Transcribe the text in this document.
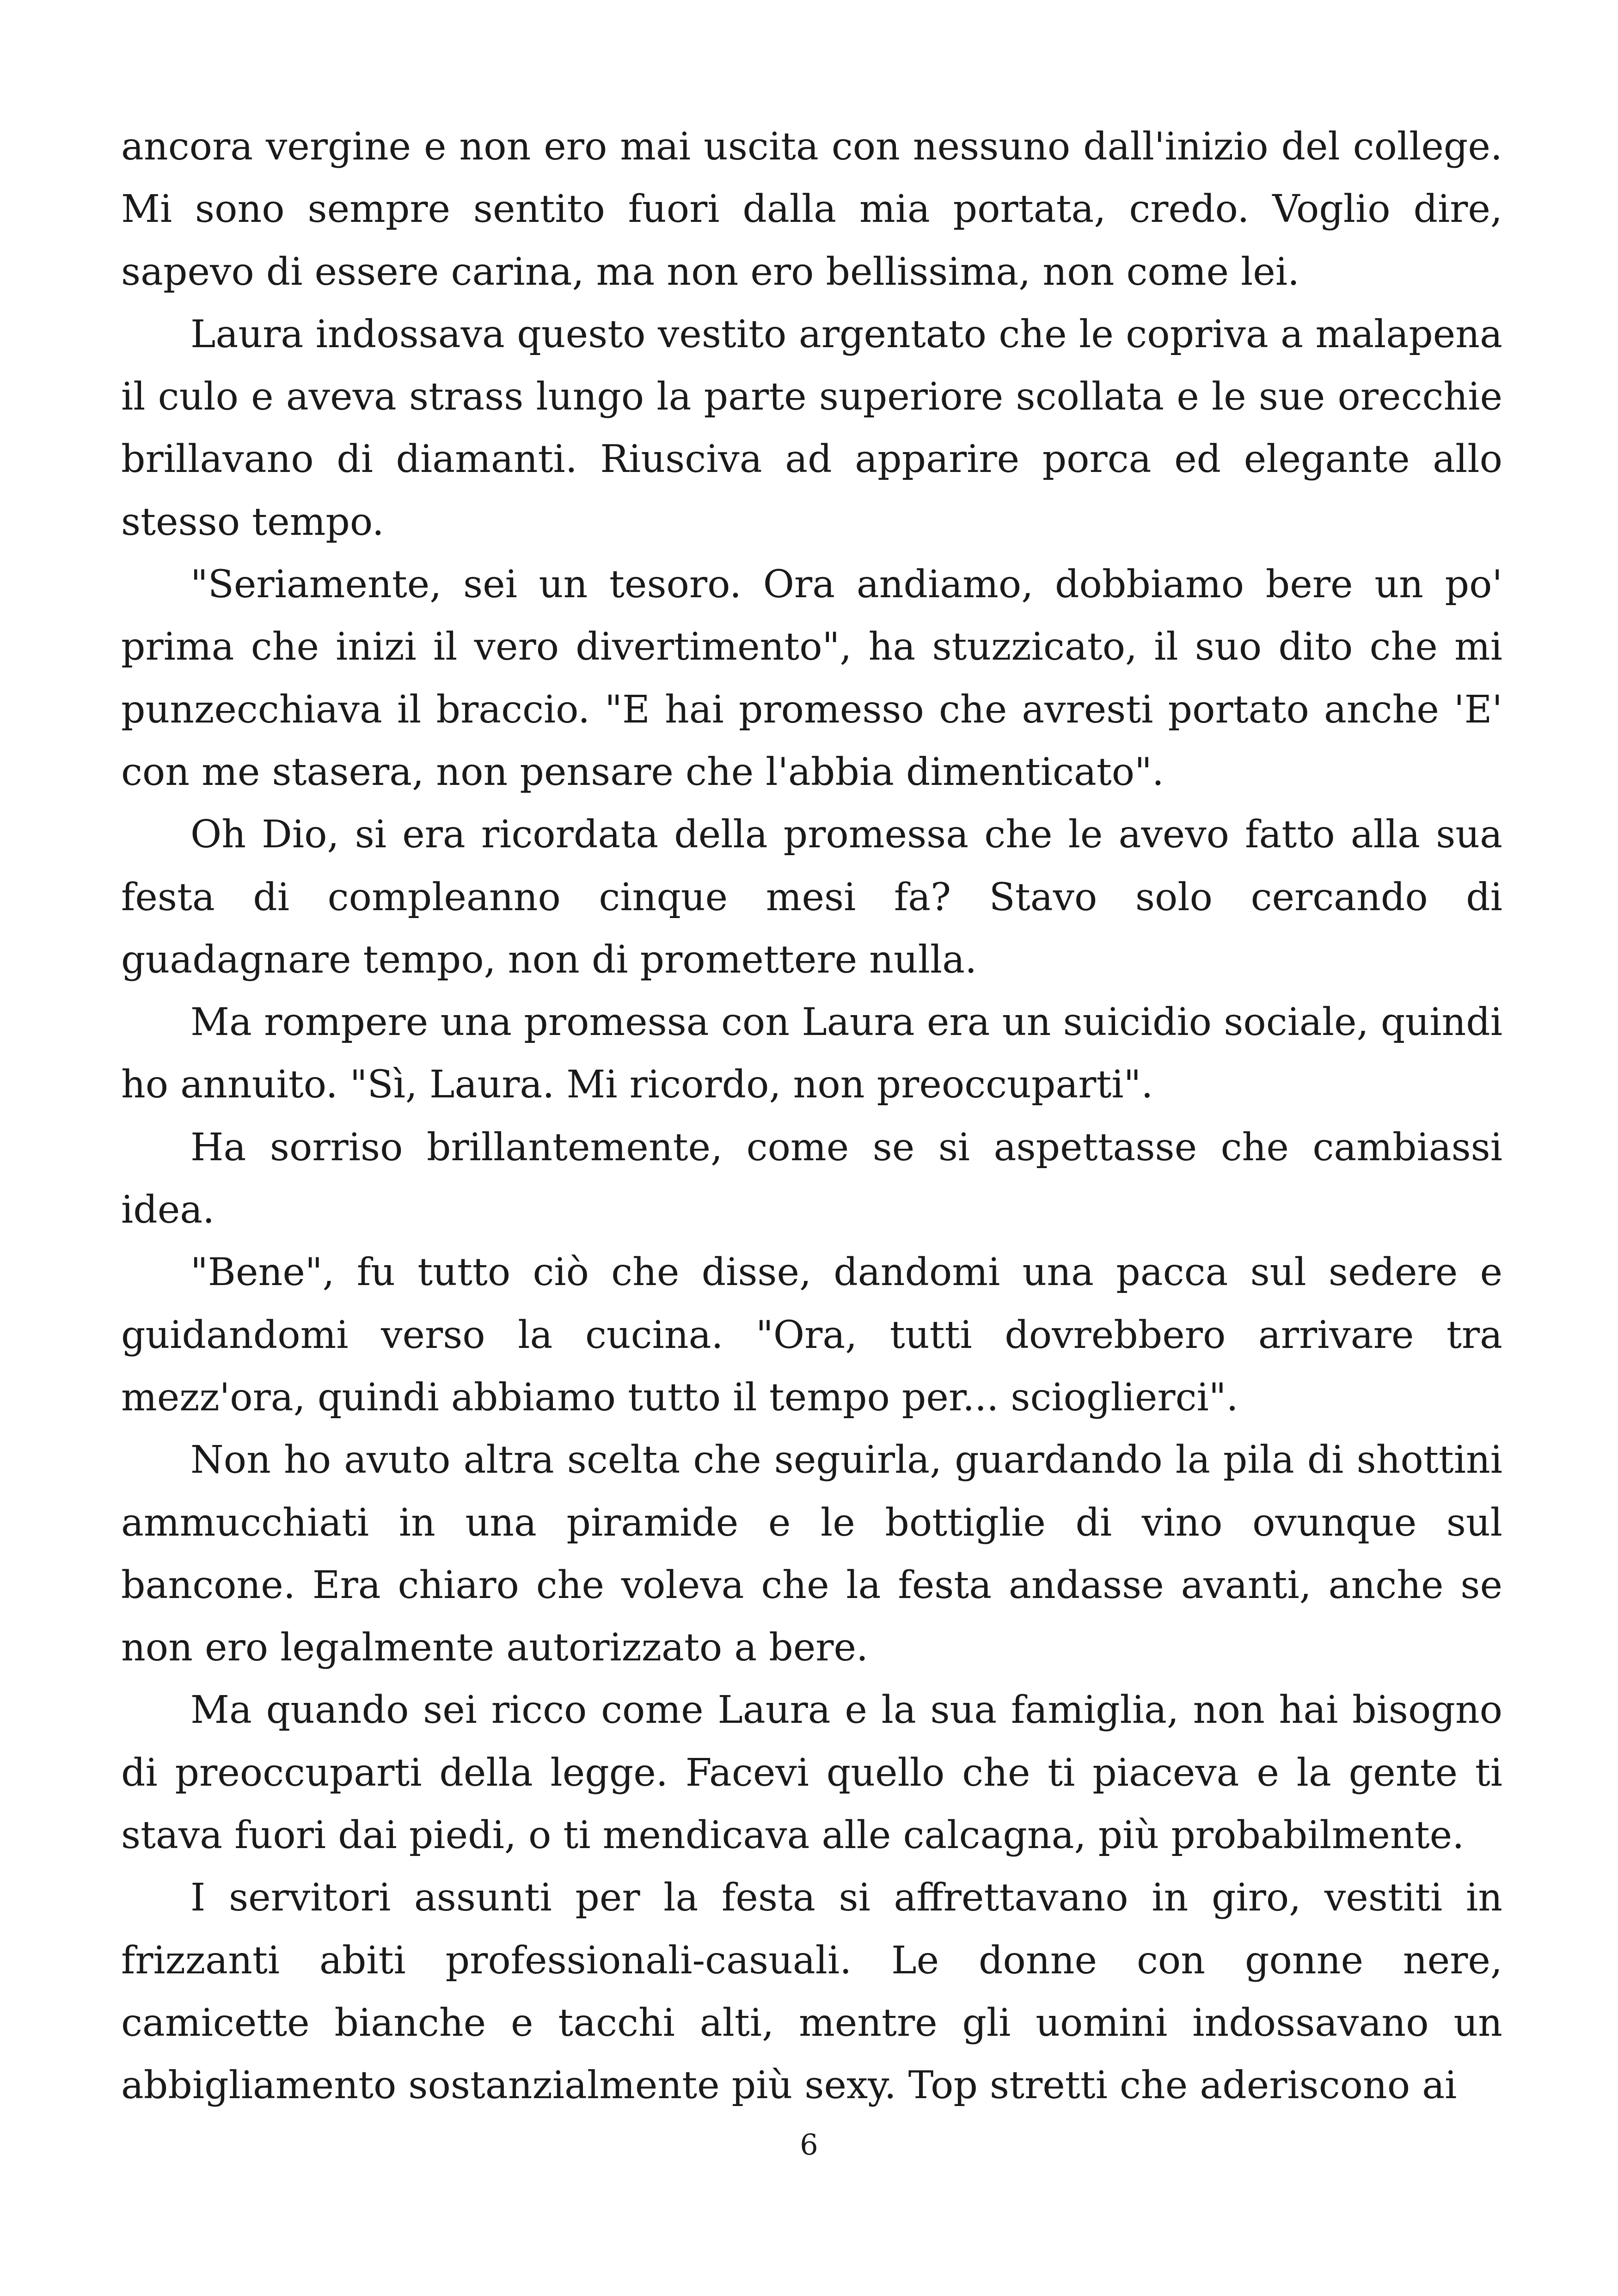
ancora vergine e non ero mai uscita con nessuno dall'inizio del college. Mi sono sempre sentito fuori dalla mia portata, credo. Voglio dire, sapevo di essere carina, ma non ero bellissima, non come lei.

Laura indossava questo vestito argentato che le copriva a malapena il culo e aveva strass lungo la parte superiore scollata e le sue orecchie brillavano di diamanti. Riusciva ad apparire porca ed elegante allo stesso tempo.

"Seriamente, sei un tesoro. Ora andiamo, dobbiamo bere un po' prima che inizi il vero divertimento", ha stuzzicato, il suo dito che mi punzecchiava il braccio. "E hai promesso che avresti portato anche 'E' con me stasera, non pensare che l'abbia dimenticato".

Oh Dio, si era ricordata della promessa che le avevo fatto alla sua festa di compleanno cinque mesi fa? Stavo solo cercando di guadagnare tempo, non di promettere nulla.

Ma rompere una promessa con Laura era un suicidio sociale, quindi ho annuito. "Sì, Laura. Mi ricordo, non preoccuparti".

Ha sorriso brillantemente, come se si aspettasse che cambiassi idea.

"Bene", fu tutto ciò che disse, dandomi una pacca sul sedere e guidandomi verso la cucina. "Ora, tutti dovrebbero arrivare tra mezz'ora, quindi abbiamo tutto il tempo per... scioglierci".

Non ho avuto altra scelta che seguirla, guardando la pila di shottini ammucchiati in una piramide e le bottiglie di vino ovunque sul bancone. Era chiaro che voleva che la festa andasse avanti, anche se non ero legalmente autorizzato a bere.

Ma quando sei ricco come Laura e la sua famiglia, non hai bisogno di preoccuparti della legge. Facevi quello che ti piaceva e la gente ti stava fuori dai piedi, o ti mendicava alle calcagna, più probabilmente.

I servitori assunti per la festa si affrettavano in giro, vestiti in frizzanti abiti professionali-casuali. Le donne con gonne nere, camicette bianche e tacchi alti, mentre gli uomini indossavano un abbigliamento sostanzialmente più sexy. Top stretti che aderiscono ai

6
